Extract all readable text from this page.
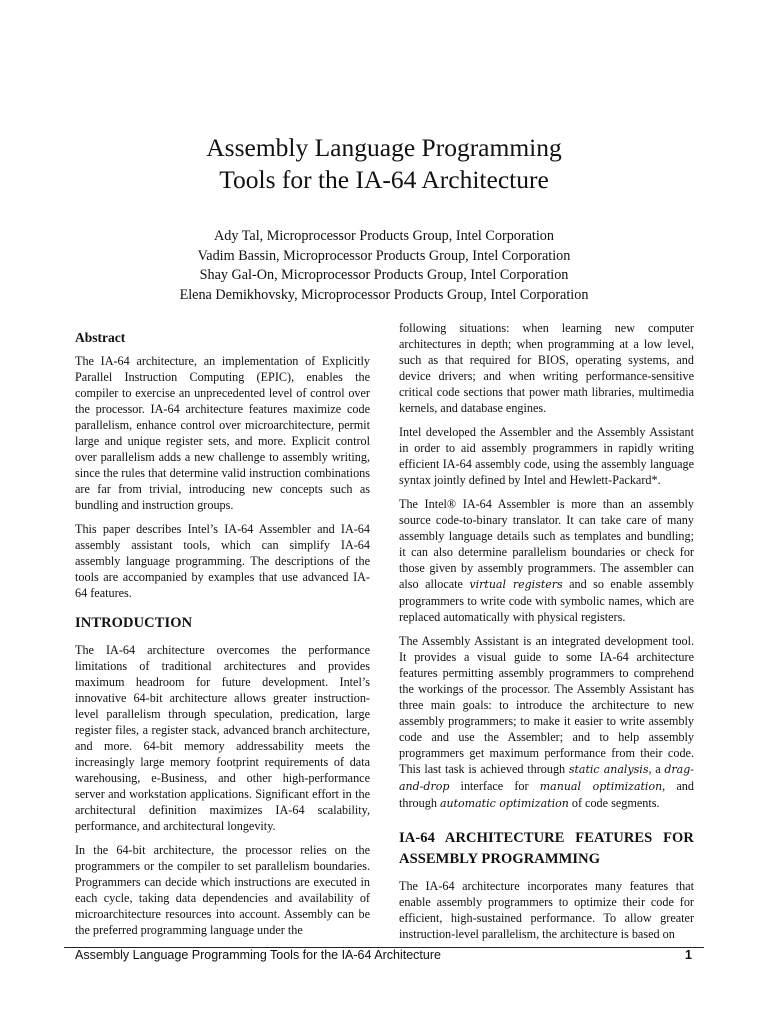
Assembly Language Programming
Tools for the IA-64 Architecture
Ady Tal, Microprocessor Products Group, Intel Corporation
Vadim Bassin, Microprocessor Products Group, Intel Corporation
Shay Gal-On, Microprocessor Products Group, Intel Corporation
Elena Demikhovsky, Microprocessor Products Group, Intel Corporation
Abstract

The IA-64 architecture, an implementation of Explicitly Parallel Instruction Computing (EPIC), enables the compiler to exercise an unprecedented level of control over the processor. IA-64 architecture features maximize code parallelism, enhance control over microarchitecture, permit large and unique register sets, and more. Explicit control over parallelism adds a new challenge to assembly writing, since the rules that determine valid instruction combinations are far from trivial, introducing new concepts such as bundling and instruction groups.

This paper describes Intel’s IA-64 Assembler and IA-64 assembly assistant tools, which can simplify IA-64 assembly language programming. The descriptions of the tools are accompanied by examples that use advanced IA-64 features.

INTRODUCTION

The IA-64 architecture overcomes the performance limitations of traditional architectures and provides maximum headroom for future development. Intel’s innovative 64-bit architecture allows greater instruction-level parallelism through speculation, predication, large register files, a register stack, advanced branch architecture, and more. 64-bit memory addressability meets the increasingly large memory footprint requirements of data warehousing, e-Business, and other high-performance server and workstation applications. Significant effort in the architectural definition maximizes IA-64 scalability, performance, and architectural longevity.

In the 64-bit architecture, the processor relies on the programmers or the compiler to set parallelism boundaries. Programmers can decide which instructions are executed in each cycle, taking data dependencies and availability of microarchitecture resources into account. Assembly can be the preferred programming language under the

following situations: when learning new computer architectures in depth; when programming at a low level, such as that required for BIOS, operating systems, and device drivers; and when writing performance-sensitive critical code sections that power math libraries, multimedia kernels, and database engines.

Intel developed the Assembler and the Assembly Assistant in order to aid assembly programmers in rapidly writing efficient IA-64 assembly code, using the assembly language syntax jointly defined by Intel and Hewlett-Packard*.

The Intel® IA-64 Assembler is more than an assembly source code-to-binary translator. It can take care of many assembly language details such as templates and bundling; it can also determine parallelism boundaries or check for those given by assembly programmers. The assembler can also allocate virtual registers and so enable assembly programmers to write code with symbolic names, which are replaced automatically with physical registers.

The Assembly Assistant is an integrated development tool. It provides a visual guide to some IA-64 architecture features permitting assembly programmers to comprehend the workings of the processor. The Assembly Assistant has three main goals: to introduce the architecture to new assembly programmers; to make it easier to write assembly code and use the Assembler; and to help assembly programmers get maximum performance from their code. This last task is achieved through static analysis, a drag-and-drop interface for manual optimization, and through automatic optimization of code segments.

IA-64 ARCHITECTURE FEATURES FOR ASSEMBLY PROGRAMMING

The IA-64 architecture incorporates many features that enable assembly programmers to optimize their code for efficient, high-sustained performance. To allow greater instruction-level parallelism, the architecture is based on

Assembly Language Programming Tools for the IA-64 Architecture	1
